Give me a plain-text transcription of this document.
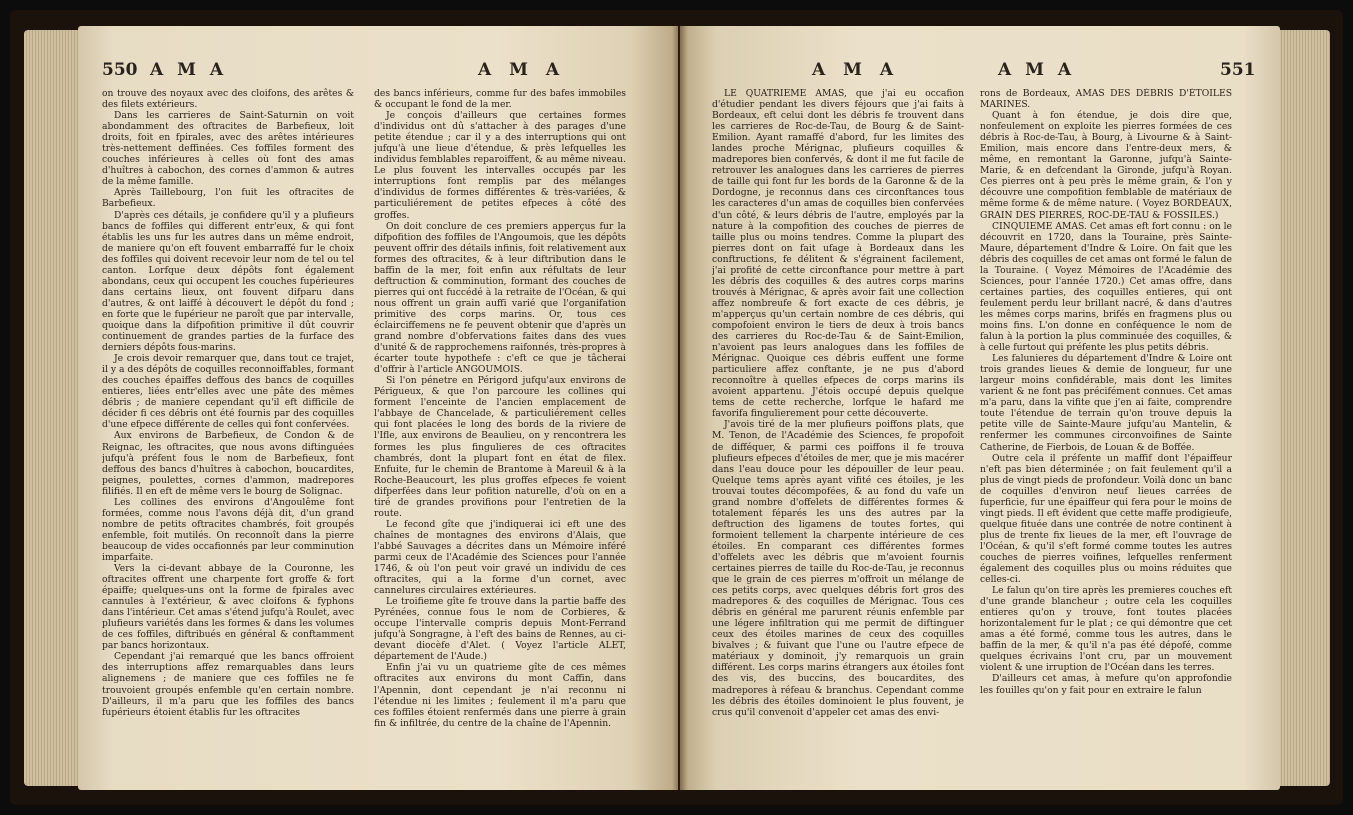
550 A M A	A M A

on trouve des noyaux avec des cloifons, des arêtes & des filets extérieurs.

Dans les carrieres de Saint-Saturnin on voit abondamment des oftracites de Barbefieux, loit droits, foit en fpirales, avec des arêtes intérieures très-nettement deffinées. Ces foffiles forment des couches inférieures à celles où font des amas d'huîtres à cabochon, des cornes d'ammon & autres de la même famille.

Après Taillebourg, l'on fuit les oftracites de Barbefieux.

D'après ces détails, je confidere qu'il y a plufieurs bancs de foffiles qui different entr'eux, & qui font établis les uns fur les autres dans un même endroit, de maniere qu'on eft fouvent embarraffé fur le choix des foffiles qui doivent recevoir leur nom de tel ou tel canton. Lorfque deux dépôts font également abondans, ceux qui occupent les couches fupérieures dans certains lieux, ont fouvent difparu dans d'autres, & ont laiffé à découvert le dépôt du fond ; en forte que le fupérieur ne paroît que par intervalle, quoique dans la difpofition primitive il dût couvrir continuement de grandes parties de la furface des derniers dépôts fous-marins.

Je crois devoir remarquer que, dans tout ce trajet, il y a des dépôts de coquilles reconnoiffables, formant des couches épaiffes deffous des bancs de coquilles entieres, liées entr'elles avec une pâte des mêmes débris ; de maniere cependant qu'il eft difficile de décider fi ces débris ont été fournis par des coquilles d'une efpece différente de celles qui font confervées.

Aux environs de Barbefieux, de Condon & de Reignac, les oftracites, que nous avons diftinguées jufqu'à préfent fous le nom de Barbefieux, font deffous des bancs d'huîtres à cabochon, boucardites, peignes, poulettes, cornes d'ammon, madrepores filifiés. Il en eft de même vers le bourg de Solignac.

Les collines des environs d'Angoulême font formées, comme nous l'avons déjà dit, d'un grand nombre de petits oftracites chambrés, foit groupés enfemble, foit mutilés. On reconnoît dans la pierre beaucoup de vides occafionnés par leur comminution imparfaite.

Vers la ci-devant abbaye de la Couronne, les oftracites offrent une charpente fort groffe & fort épaiffe; quelques-uns ont la forme de fpirales avec cannules à l'extérieur, & avec cloifons & fyphons dans l'intérieur. Cet amas s'étend jufqu'à Roulet, avec plufieurs variétés dans les formes & dans les volumes de ces foffiles, diftribués en général & conftamment par bancs horizontaux.

Cependant j'ai remarqué que les bancs offroient des interruptions affez remarquables dans leurs alignemens ; de maniere que ces foffiles ne fe trouvoient groupés enfemble qu'en certain nombre. D'ailleurs, il m'a paru que les foffiles des bancs fupérieurs étoient établis fur les oftracites

des bancs inférieurs, comme fur des bafes immobiles & occupant le fond de la mer.

Je conçois d'ailleurs que certaines formes d'individus ont dû s'attacher à des parages d'une petite étendue ; car il y a des interruptions qui ont jufqu'à une lieue d'étendue, & près lefquelles les individus femblables reparoiffent, & au même niveau. Le plus fouvent les intervalles occupés par les interruptions font remplis par des mélanges d'individus de formes différentes & très-variées, & particuliérement de petites efpeces à côté des groffes.

On doit conclure de ces premiers apperçus fur la difpofition des foffiles de l'Angoumois, que les dépôts peuvent offrir des détails infinis, foit relativement aux formes des oftracites, & à leur diftribution dans le baffin de la mer, foit enfin aux réfultats de leur deftruction & comminution, formant des couches de pierres qui ont fuccédé à la retraite de l'Océan, & qui nous offrent un grain auffi varié que l'organifation primitive des corps marins. Or, tous ces éclairciffemens ne fe peuvent obtenir que d'après un grand nombre d'obfervations faites dans des vues d'unité & de rapprochemens raifonnés, très-propres à écarter toute hypothefe : c'eft ce que je tâcherai d'offrir à l'article ANGOUMOIS.

Si l'on pénetre en Périgord jufqu'aux environs de Périgueux, & que l'on parcoure les collines qui forment l'enceinte de l'ancien emplacement de l'abbaye de Chancelade, & particuliérement celles qui font placées le long des bords de la riviere de l'Ifle, aux environs de Beaulieu, on y rencontrera les formes les plus fingulieres de ces oftracites chambrés, dont la plupart font en état de filex. Enfuite, fur le chemin de Brantome à Mareuil & à la Roche-Beaucourt, les plus groffes efpeces fe voient difperfées dans leur pofition naturelle, d'où on en a tiré de grandes provifions pour l'entretien de la route.

Le fecond gîte que j'indiquerai ici eft une des chaînes de montagnes des environs d'Alais, que l'abbé Sauvages a décrites dans un Mémoire inféré parmi ceux de l'Académie des Sciences pour l'année 1746, & où l'on peut voir gravé un individu de ces oftracites, qui a la forme d'un cornet, avec cannelures circulaires extérieures.

Le troifieme gîte fe trouve dans la partie baffe des Pyrénées, connue fous le nom de Corbieres, & occupe l'intervalle compris depuis Mont-Ferrand jufqu'à Songragne, à l'eft des bains de Rennes, au ci-devant diocèfe d'Alet. ( Voyez l'article ALET, département de l'Aude.)

Enfin j'ai vu un quatrieme gîte de ces mêmes oftracites aux environs du mont Caffin, dans l'Apennin, dont cependant je n'ai reconnu ni l'étendue ni les limites ; feulement il m'a paru que ces foffiles étoient renfermés dans une pierre à grain fin & infiltrée, du centre de la chaîne de l'Apennin.

A M A	A M A	551

LE QUATRIEME AMAS, que j'ai eu occafion d'étudier pendant les divers féjours que j'ai faits à Bordeaux, eft celui dont les débris fe trouvent dans les carrieres de Roc-de-Tau, de Bourg & de Saint-Emilion. Ayant ramaffé d'abord, fur les limites des landes proche Mérignac, plufieurs coquilles & madrepores bien confervés, & dont il me fut facile de retrouver les analogues dans les carrieres de pierres de taille qui font fur les bords de la Garonne & de la Dordogne, je reconnus dans ces circonftances tous les caracteres d'un amas de coquilles bien confervées d'un côté, & leurs débris de l'autre, employés par la nature à la compofition des couches de pierres de taille plus ou moins tendres. Comme la plupart des pierres dont on fait ufage à Bordeaux dans les conftructions, fe délitent & s'égrainent facilement, j'ai profité de cette circonftance pour mettre à part les débris des coquilles & des autres corps marins trouvés à Mérignac, & après avoir fait une collection affez nombreufe & fort exacte de ces débris, je m'apperçus qu'un certain nombre de ces débris, qui compofoient environ le tiers de deux à trois bancs des carrieres du Roc-de-Tau & de Saint-Emilion, n'avoient pas leurs analogues dans les foffiles de Mérignac. Quoique ces débris euffent une forme particuliere affez conftante, je ne pus d'abord reconnoître à quelles efpeces de corps marins ils avoient appartenu. J'étois occupé depuis quelque tems de cette recherche, lorfque le hafard me favorifa fingulierement pour cette découverte.

J'avois tiré de la mer plufieurs poiffons plats, que M. Tenon, de l'Académie des Sciences, fe propofoit de difféquer, & parmi ces poiffons il fe trouva plufieurs efpeces d'étoiles de mer, que je mis macérer dans l'eau douce pour les dépouiller de leur peau. Quelque tems après ayant vifité ces étoiles, je les trouvai toutes décompofées, & au fond du vafe un grand nombre d'offelets de différentes formes & totalement féparés les uns des autres par la deftruction des ligamens de toutes fortes, qui formoient tellement la charpente intérieure de ces étoiles. En comparant ces différentes formes d'offelets avec les débris que m'avoient fournis certaines pierres de taille du Roc-de-Tau, je reconnus que le grain de ces pierres m'offroit un mélange de ces petits corps, avec quelques débris fort gros des madrepores & des coquilles de Mérignac. Tous ces débris en général me parurent réunis enfemble par une légere infiltration qui me permit de diftinguer ceux des étoiles marines de ceux des coquilles bivalves ; & fuivant que l'une ou l'autre efpece de matériaux y dominoit, j'y remarquois un grain différent. Les corps marins étrangers aux étoiles font des vis, des buccins, des boucardites, des madrepores à réfeau & branchus. Cependant comme les débris des étoiles dominoient le plus fouvent, je crus qu'il convenoit d'appeler cet amas des envi-

rons de Bordeaux, AMAS DES DÉBRIS D'ÉTOILES MARINES.

Quant à fon étendue, je dois dire que, nonfeulement on exploite les pierres formées de ces débris à Roc-de-Tau, à Bourg, à Livourne & à Saint-Emilion, mais encore dans l'entre-deux mers, & même, en remontant la Garonne, jufqu'à Sainte-Marie, & en defcendant la Gironde, jufqu'à Royan. Ces pierres ont à peu près le même grain, & l'on y découvre une compofition femblable de matériaux de même forme & de même nature. ( Voyez BORDEAUX, GRAIN DES PIERRES, ROC-DE-TAU & FOSSILES.)

CINQUIEME AMAS. Cet amas eft fort connu : on le découvrit en 1720, dans la Touraine, près Sainte-Maure, département d'Indre & Loire. On fait que les débris des coquilles de cet amas ont formé le falun de la Touraine. ( Voyez Mémoires de l'Académie des Sciences, pour l'année 1720.) Cet amas offre, dans certaines parties, des coquilles entieres, qui ont feulement perdu leur brillant nacré, & dans d'autres les mêmes corps marins, brifés en fragmens plus ou moins fins. L'on donne en conféquence le nom de falun à la portion la plus comminuée des coquilles, & à celle furtout qui préfente les plus petits débris.

Les falunieres du département d'Indre & Loire ont trois grandes lieues & demie de longueur, fur une largeur moins confidérable, mais dont les limites varient & ne font pas précifément connues. Cet amas m'a paru, dans la vifite que j'en ai faite, comprendre toute l'étendue de terrain qu'on trouve depuis la petite ville de Sainte-Maure jufqu'au Mantelin, & renfermer les communes circonvoifines de Sainte Catherine, de Fierbois, de Louan & de Boffée.

Outre cela il préfente un maffif dont l'épaiffeur n'eft pas bien déterminée ; on fait feulement qu'il a plus de vingt pieds de profondeur. Voilà donc un banc de coquilles d'environ neuf lieues carrées de fuperficie, fur une épaiffeur qui fera pour le moins de vingt pieds. Il eft évident que cette maffe prodigieufe, quelque fituée dans une contrée de notre continent à plus de trente fix lieues de la mer, eft l'ouvrage de l'Océan, & qu'il s'eft formé comme toutes les autres couches de pierres voifines, lefquelles renferment également des coquilles plus ou moins réduites que celles-ci.

Le falun qu'on tire après les premieres couches eft d'une grande blancheur ; outre cela les coquilles entieres qu'on y trouve, font toutes placées horizontalement fur le plat ; ce qui démontre que cet amas a été formé, comme tous les autres, dans le baffin de la mer, & qu'il n'a pas été dépofé, comme quelques écrivains l'ont cru, par un mouvement violent & une irruption de l'Océan dans les terres.

D'ailleurs cet amas, à mefure qu'on approfondie les fouilles qu'on y fait pour en extraire le falun
